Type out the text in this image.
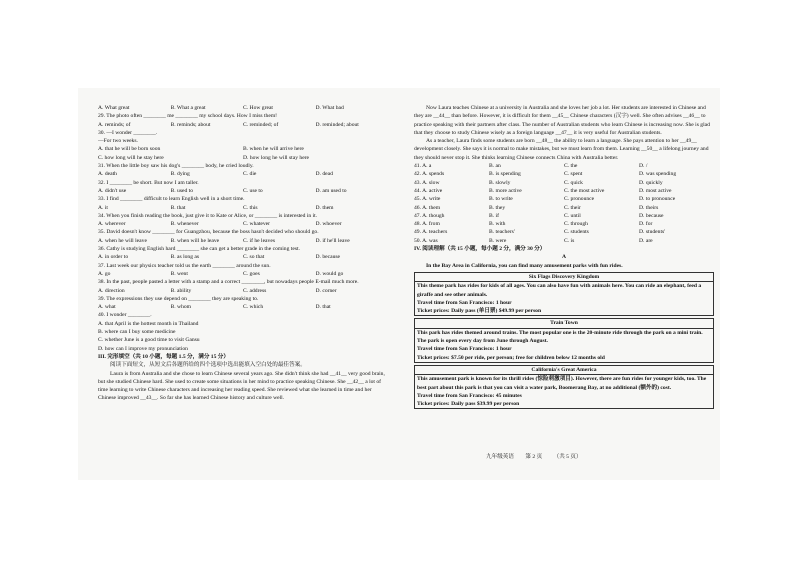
A. What great	B. What a great	C. How great	D. What bad
29. The photo often ________ me ________ my school days. How I miss them!
A. reminds; of	B. reminds; about	C. reminded; of	D. reminded; about
30. —I wonder ________.
—For two weeks.
A. that he will be born soon	B. when he will arrive here
C. how long will he stay here	D. how long he will stay here
31. When the little boy saw his dog's ________ body, he cried loudly.
A. death	B. dying	C. die	D. dead
32. I ________ be short. But now I am taller.
A. didn't use	B. used to	C. use to	D. am used to
33. I find ________ difficult to learn English well in a short time.
A. it	B. that	C. this	D. them
34. When you finish reading the book, just give it to Kate or Alice, or ________ is interested in it.
A. wherever	B. whenever	C. whatever	D. whoever
35. David doesn't know ________ for Guangzhou, because the boss hasn't decided who should go.
A. when he will leave	B. when will he leave	C. if he leaves	D. if he'll leave
36. Cathy is studying English hard ________ she can get a better grade in the coming test.
A. in order to	B. as long as	C. so that	D. because
37. Last week our physics teacher told us the earth ________ around the sun.
A. go	B. went	C. goes	D. would go
38. In the past, people pasted a letter with a stamp and a correct ________, but nowadays people E-mail much more.
A. direction	B. ability	C. address	D. corner
39. The expressions they use depend on ________ they are speaking to.
A. what	B. whom	C. which	D. that
40. I wonder ________.
A. that April is the hottest month in Thailand
B. where can I buy some medicine
C. whether June is a good time to visit Gansu
D. how can I improve my pronunciation
III. 完形填空（共 10 小题，每题 1.5 分，满分 15 分）
阅读下面短文，从短文后各题所给的四个选项中选出能填入空白处的最佳答案。
Laura is from Australia and she chose to learn Chinese several years ago. She didn't think she had __41__ very good brain, but she studied Chinese hard. She used to create some situations in her mind to practice speaking Chinese. She __42__ a lot of time learning to write Chinese characters and increasing her reading speed. She reviewed what she learned in time and her Chinese improved __43__. So far she has learned Chinese history and culture well.
Now Laura teaches Chinese at a university in Australia and she loves her job a lot. Her students are interested in Chinese and they are __44__ than before. However, it is difficult for them __45__ Chinese characters (汉字) well. She often advises __46__ to practice speaking with their partners after class. The number of Australian students who learn Chinese is increasing now. She is glad that they choose to study Chinese wisely as a foreign language __47__ it is very useful for Australian students.
As a teacher, Laura finds some students are born __48__ the ability to learn a language. She pays attention to her __49__ development closely. She says it is normal to make mistakes, but we must learn from them. Learning __50__ a lifelong journey and they should never stop it. She thinks learning Chinese connects China with Australia better.
41. A. a	B. an	C. the	D. /
42. A. spends	B. is spending	C. spent	D. was spending
43. A. slow	B. slowly	C. quick	D. quickly
44. A. active	B. more active	C. the most active	D. most active
45. A. write	B. to write	C. pronounce	D. to pronounce
46. A. them	B. they	C. their	D. theirs
47. A. though	B. if	C. until	D. because
48. A. from	B. with	C. through	D. for
49. A. teachers	B. teachers'	C. students	D. students'
50. A. was	B. were	C. is	D. are
IV. 阅读理解（共 15 小题，每小题 2 分，满分 30 分）
A
In the Bay Area in California, you can find many amusement parks with fun rides.
Six Flags Discovery Kingdom
This theme park has rides for kids of all ages. You can also have fun with animals here. You can ride an elephant, feed a giraffe and see other animals.
Travel time from San Francisco: 1 hour
Ticket prices: Daily pass (单日票) $49.99 per person
Train Town
This park has rides themed around trains. The most popular one is the 20-minute ride through the park on a mini train. The park is open every day from June through August.
Travel time from San Francisco: 1 hour
Ticket prices: $7.50 per ride, per person; free for children below 12 months old
California's Great America
This amusement park is known for its thrill rides (惊险刺激项目). However, there are fun rides for younger kids, too. The best part about this park is that you can visit a water park, Boomerang Bay, at no additional (额外的) cost.
Travel time from San Francisco: 45 minutes
Ticket prices: Daily pass $39.99 per person
九年级英语 第 2 页 （共 5 页）
